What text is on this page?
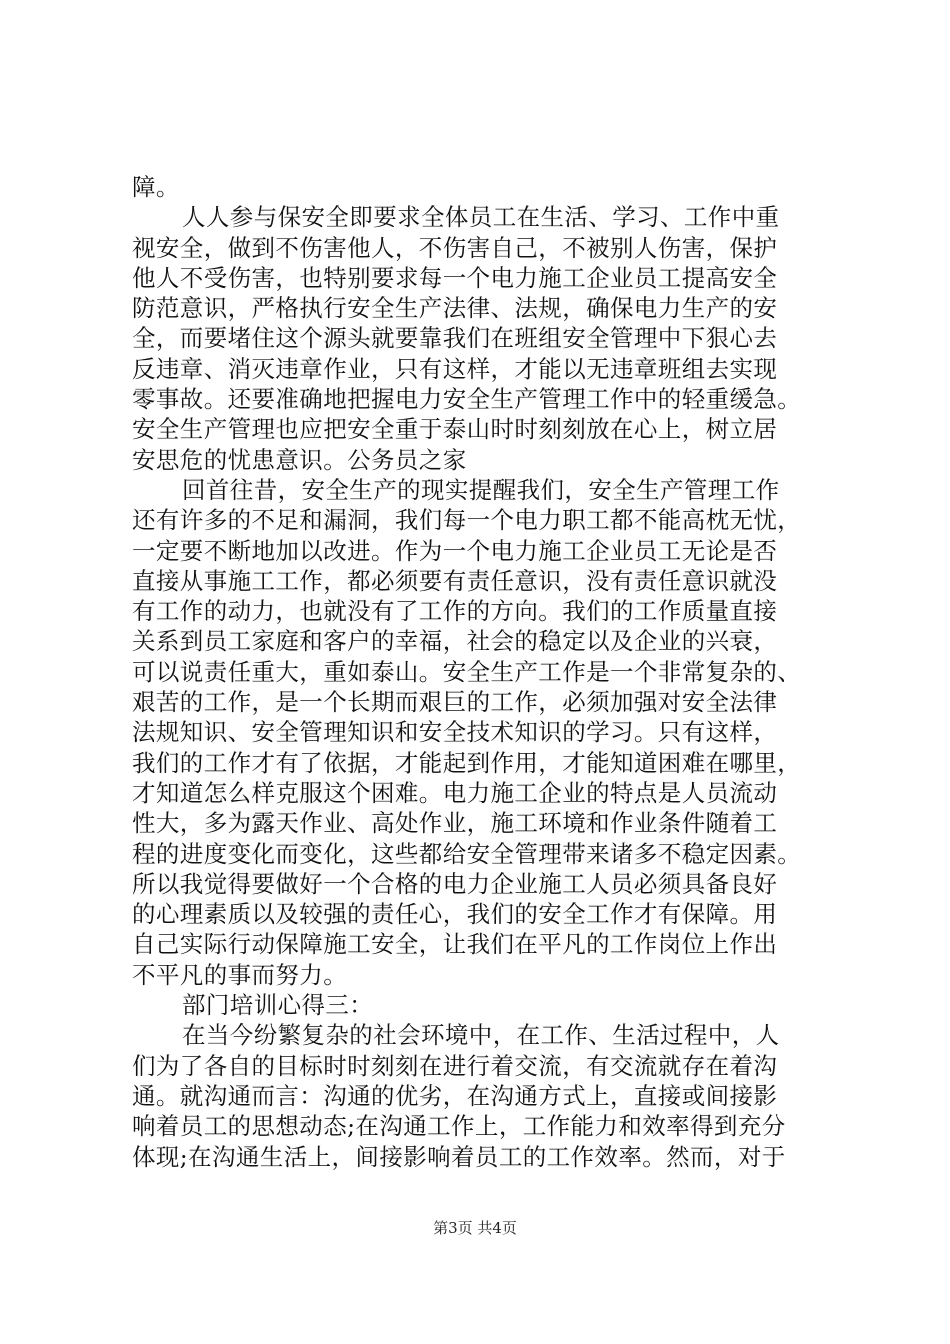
障。
人人参与保安全即要求全体员工在生活、学习、工作中重
视安全，做到不伤害他人，不伤害自己，不被别人伤害，保护
他人不受伤害，也特别要求每一个电力施工企业员工提高安全
防范意识，严格执行安全生产法律、法规，确保电力生产的安
全，而要堵住这个源头就要靠我们在班组安全管理中下狠心去
反违章、消灭违章作业，只有这样，才能以无违章班组去实现
零事故。还要准确地把握电力安全生产管理工作中的轻重缓急。
安全生产管理也应把安全重于泰山时时刻刻放在心上，树立居
安思危的忧患意识。公务员之家
回首往昔，安全生产的现实提醒我们，安全生产管理工作
还有许多的不足和漏洞，我们每一个电力职工都不能高枕无忧，
一定要不断地加以改进。作为一个电力施工企业员工无论是否
直接从事施工工作，都必须要有责任意识，没有责任意识就没
有工作的动力，也就没有了工作的方向。我们的工作质量直接
关系到员工家庭和客户的幸福，社会的稳定以及企业的兴衰，
可以说责任重大，重如泰山。安全生产工作是一个非常复杂的、
艰苦的工作，是一个长期而艰巨的工作，必须加强对安全法律
法规知识、安全管理知识和安全技术知识的学习。只有这样，
我们的工作才有了依据，才能起到作用，才能知道困难在哪里，
才知道怎么样克服这个困难。电力施工企业的特点是人员流动
性大，多为露天作业、高处作业，施工环境和作业条件随着工
程的进度变化而变化，这些都给安全管理带来诸多不稳定因素。
所以我觉得要做好一个合格的电力企业施工人员必须具备良好
的心理素质以及较强的责任心，我们的安全工作才有保障。用
自己实际行动保障施工安全，让我们在平凡的工作岗位上作出
不平凡的事而努力。
部门培训心得三：
在当今纷繁复杂的社会环境中，在工作、生活过程中，人
们为了各自的目标时时刻刻在进行着交流，有交流就存在着沟
通。就沟通而言：沟通的优劣，在沟通方式上，直接或间接影
响着员工的思想动态;在沟通工作上，工作能力和效率得到充分
体现;在沟通生活上，间接影响着员工的工作效率。然而，对于
第3页 共4页
